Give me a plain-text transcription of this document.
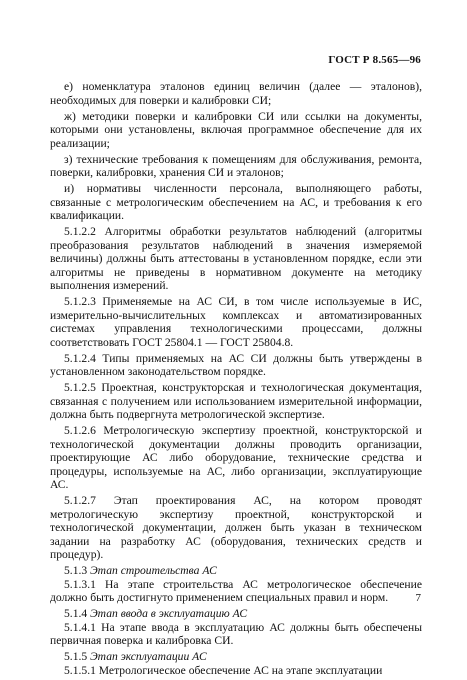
ГОСТ Р 8.565—96

е) номенклатура эталонов единиц величин (далее — эталонов), необходимых для поверки и калибровки СИ;

ж) методики поверки и калибровки СИ или ссылки на документы, которыми они установлены, включая программное обеспечение для их реализации;

з) технические требования к помещениям для обслуживания, ремонта, поверки, калибровки, хранения СИ и эталонов;

и) нормативы численности персонала, выполняющего работы, связанные с метрологическим обеспечением на АС, и требования к его квалификации.

5.1.2.2 Алгоритмы обработки результатов наблюдений (алгоритмы преобразования результатов наблюдений в значения измеряемой величины) должны быть аттестованы в установленном порядке, если эти алгоритмы не приведены в нормативном документе на методику выполнения измерений.

5.1.2.3 Применяемые на АС СИ, в том числе используемые в ИС, измерительно-вычислительных комплексах и автоматизированных системах управления технологическими процессами, должны соответствовать ГОСТ 25804.1 — ГОСТ 25804.8.

5.1.2.4 Типы применяемых на АС СИ должны быть утверждены в установленном законодательством порядке.

5.1.2.5 Проектная, конструкторская и технологическая документация, связанная с получением или использованием измерительной информации, должна быть подвергнута метрологической экспертизе.

5.1.2.6 Метрологическую экспертизу проектной, конструкторской и технологической документации должны проводить организации, проектирующие АС либо оборудование, технические средства и процедуры, используемые на АС, либо организации, эксплуатирующие АС.

5.1.2.7 Этап проектирования АС, на котором проводят метрологическую экспертизу проектной, конструкторской и технологической документации, должен быть указан в техническом задании на разработку АС (оборудования, технических средств и процедур).

5.1.3 Этап строительства АС

5.1.3.1 На этапе строительства АС метрологическое обеспечение должно быть достигнуто применением специальных правил и норм.

5.1.4 Этап ввода в эксплуатацию АС

5.1.4.1 На этапе ввода в эксплуатацию АС должны быть обеспечены первичная поверка и калибровка СИ.

5.1.5 Этап эксплуатации АС

5.1.5.1 Метрологическое обеспечение АС на этапе эксплуатации

7
